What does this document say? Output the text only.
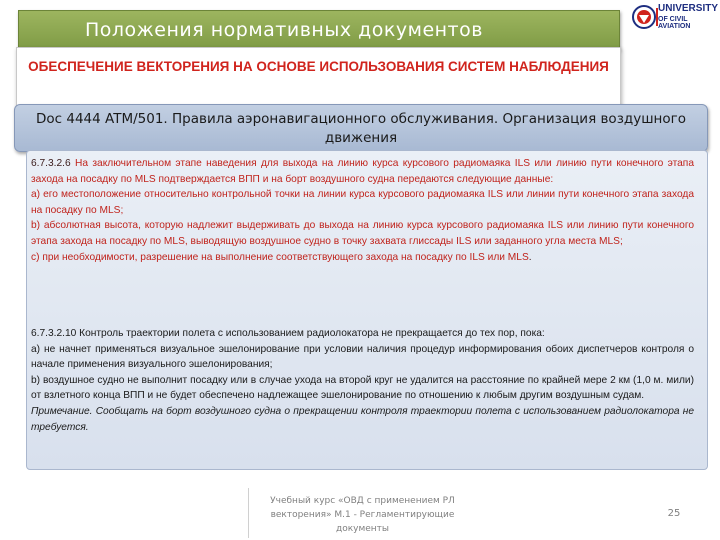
Положения нормативных документов
UNIVERSITY
OF CIVIL AVIATION
ОБЕСПЕЧЕНИЕ ВЕКТОРЕНИЯ НА ОСНОВЕ ИСПОЛЬЗОВАНИЯ СИСТЕМ НАБЛЮДЕНИЯ
Doc 4444 ATM/501. Правила аэронавигационного обслуживания. Организация воздушного движения

6.7.3.2.6 На заключительном этапе наведения для выхода на линию курса курсового радиомаяка ILS или линию пути конечного этапа захода на посадку по MLS подтверждается ВПП и на борт воздушного судна передаются следующие данные:

а) его местоположение относительно контрольной точки на линии курса курсового радиомаяка ILS или линии пути конечного этапа захода на посадку по MLS;

b) абсолютная высота, которую надлежит выдерживать до выхода на линию курса курсового радиомаяка ILS или линию пути конечного этапа захода на посадку по MLS, выводящую воздушное судно в точку захвата глиссады ILS или заданного угла места MLS;

c) при необходимости, разрешение на выполнение соответствующего захода на посадку по ILS или MLS.

6.7.3.2.10 Контроль траектории полета с использованием радиолокатора не прекращается до тех пор, пока:

а) не начнет применяться визуальное эшелонирование при условии наличия процедур информирования обоих диспетчеров контроля о начале применения визуального эшелонирования;

b) воздушное судно не выполнит посадку или в случае ухода на второй круг не удалится на расстояние по крайней мере 2 км (1,0 м. мили) от взлетного конца ВПП и не будет обеспечено надлежащее эшелонирование по отношению к любым другим воздушным судам.

Примечание. Сообщать на борт воздушного судна о прекращении контроля траектории полета с использованием радиолокатора не требуется.

Учебный курс «ОВД с применением РЛ векторения» М.1 - Регламентирующие документы
25
